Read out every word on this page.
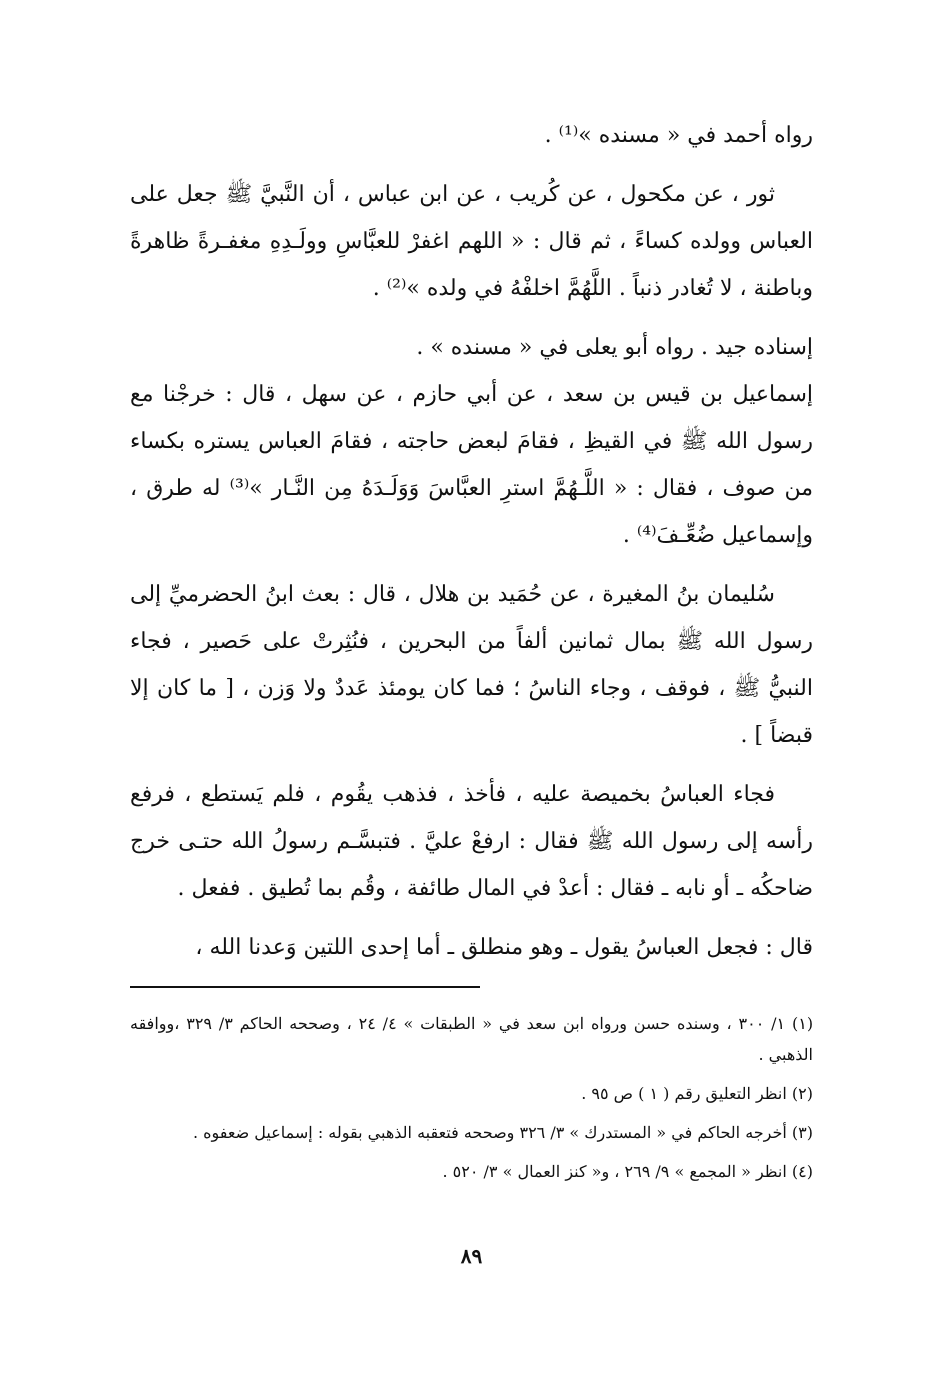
رواه أحمد في « مسنده »⁽¹⁾ .

ثور ، عن مكحول ، عن كُريب ، عن ابن عباس ، أن النَّبيَّ ﷺ جعل على العباس وولده كساءً ، ثم قال : « اللهم اغفرْ للعبَّاسِ وولَـدِهِ مغفـرةً ظاهرةً وباطنة ، لا تُغادر ذنباً . اللَّهُمَّ اخلفْهُ في ولده »⁽²⁾ .

إسناده جيد . رواه أبو يعلى في « مسنده » .

إسماعيل بن قيس بن سعد ، عن أبي حازم ، عن سهل ، قال : خرجْنا مع رسول الله ﷺ في القيظِ ، فقامَ لبعض حاجته ، فقامَ العباس يستره بكساء من صوف ، فقال : « اللَّـهُمَّ استرِ العبَّاسَ وَوَلَـدَهُ مِن النَّـار »⁽³⁾ له طرق ، وإسماعيل ضُعِّـفَ⁽⁴⁾ .

سُليمان بنُ المغيرة ، عن حُمَيد بن هلال ، قال : بعث ابنُ الحضرميِّ إلى رسول الله ﷺ بمال ثمانين ألفاً من البحرين ، فنُثِرتْ على حَصير ، فجاء النبيُّ ﷺ ، فوقف ، وجاء الناسُ ؛ فما كان يومئذ عَددٌ ولا وَزن ، [ ما كان إلا قبضاً ] .

فجاء العباسُ بخميصة عليه ، فأخذ ، فذهب يقُوم ، فلم يَستطع ، فرفع رأسه إلى رسول الله ﷺ فقال : ارفعْ عليَّ . فتبسَّـم رسولُ الله حتـى خرج ضاحكُه ـ أو نابه ـ فقال : أعدْ في المال طائفة ، وقُم بما تُطيق . ففعل .

قال : فجعل العباسُ يقول ـ وهو منطلق ـ أما إحدى اللتين وَعدنا الله ،

(١) ١/ ٣٠٠ ، وسنده حسن ورواه ابن سعد في « الطبقات » ٤/ ٢٤ ، وصححه الحاكم ٣/ ٣٢٩ ،ووافقه الذهبي .

(٢) انظر التعليق رقم ( ١ ) ص ٩٥ .

(٣) أخرجه الحاكم في « المستدرك » ٣/ ٣٢٦ وصححه فتعقبه الذهبي بقوله : إسماعيل ضعفوه .

(٤) انظر « المجمع » ٩/ ٢٦٩ ، و« كنز العمال » ٣/ ٥٢٠ .

٨٩
